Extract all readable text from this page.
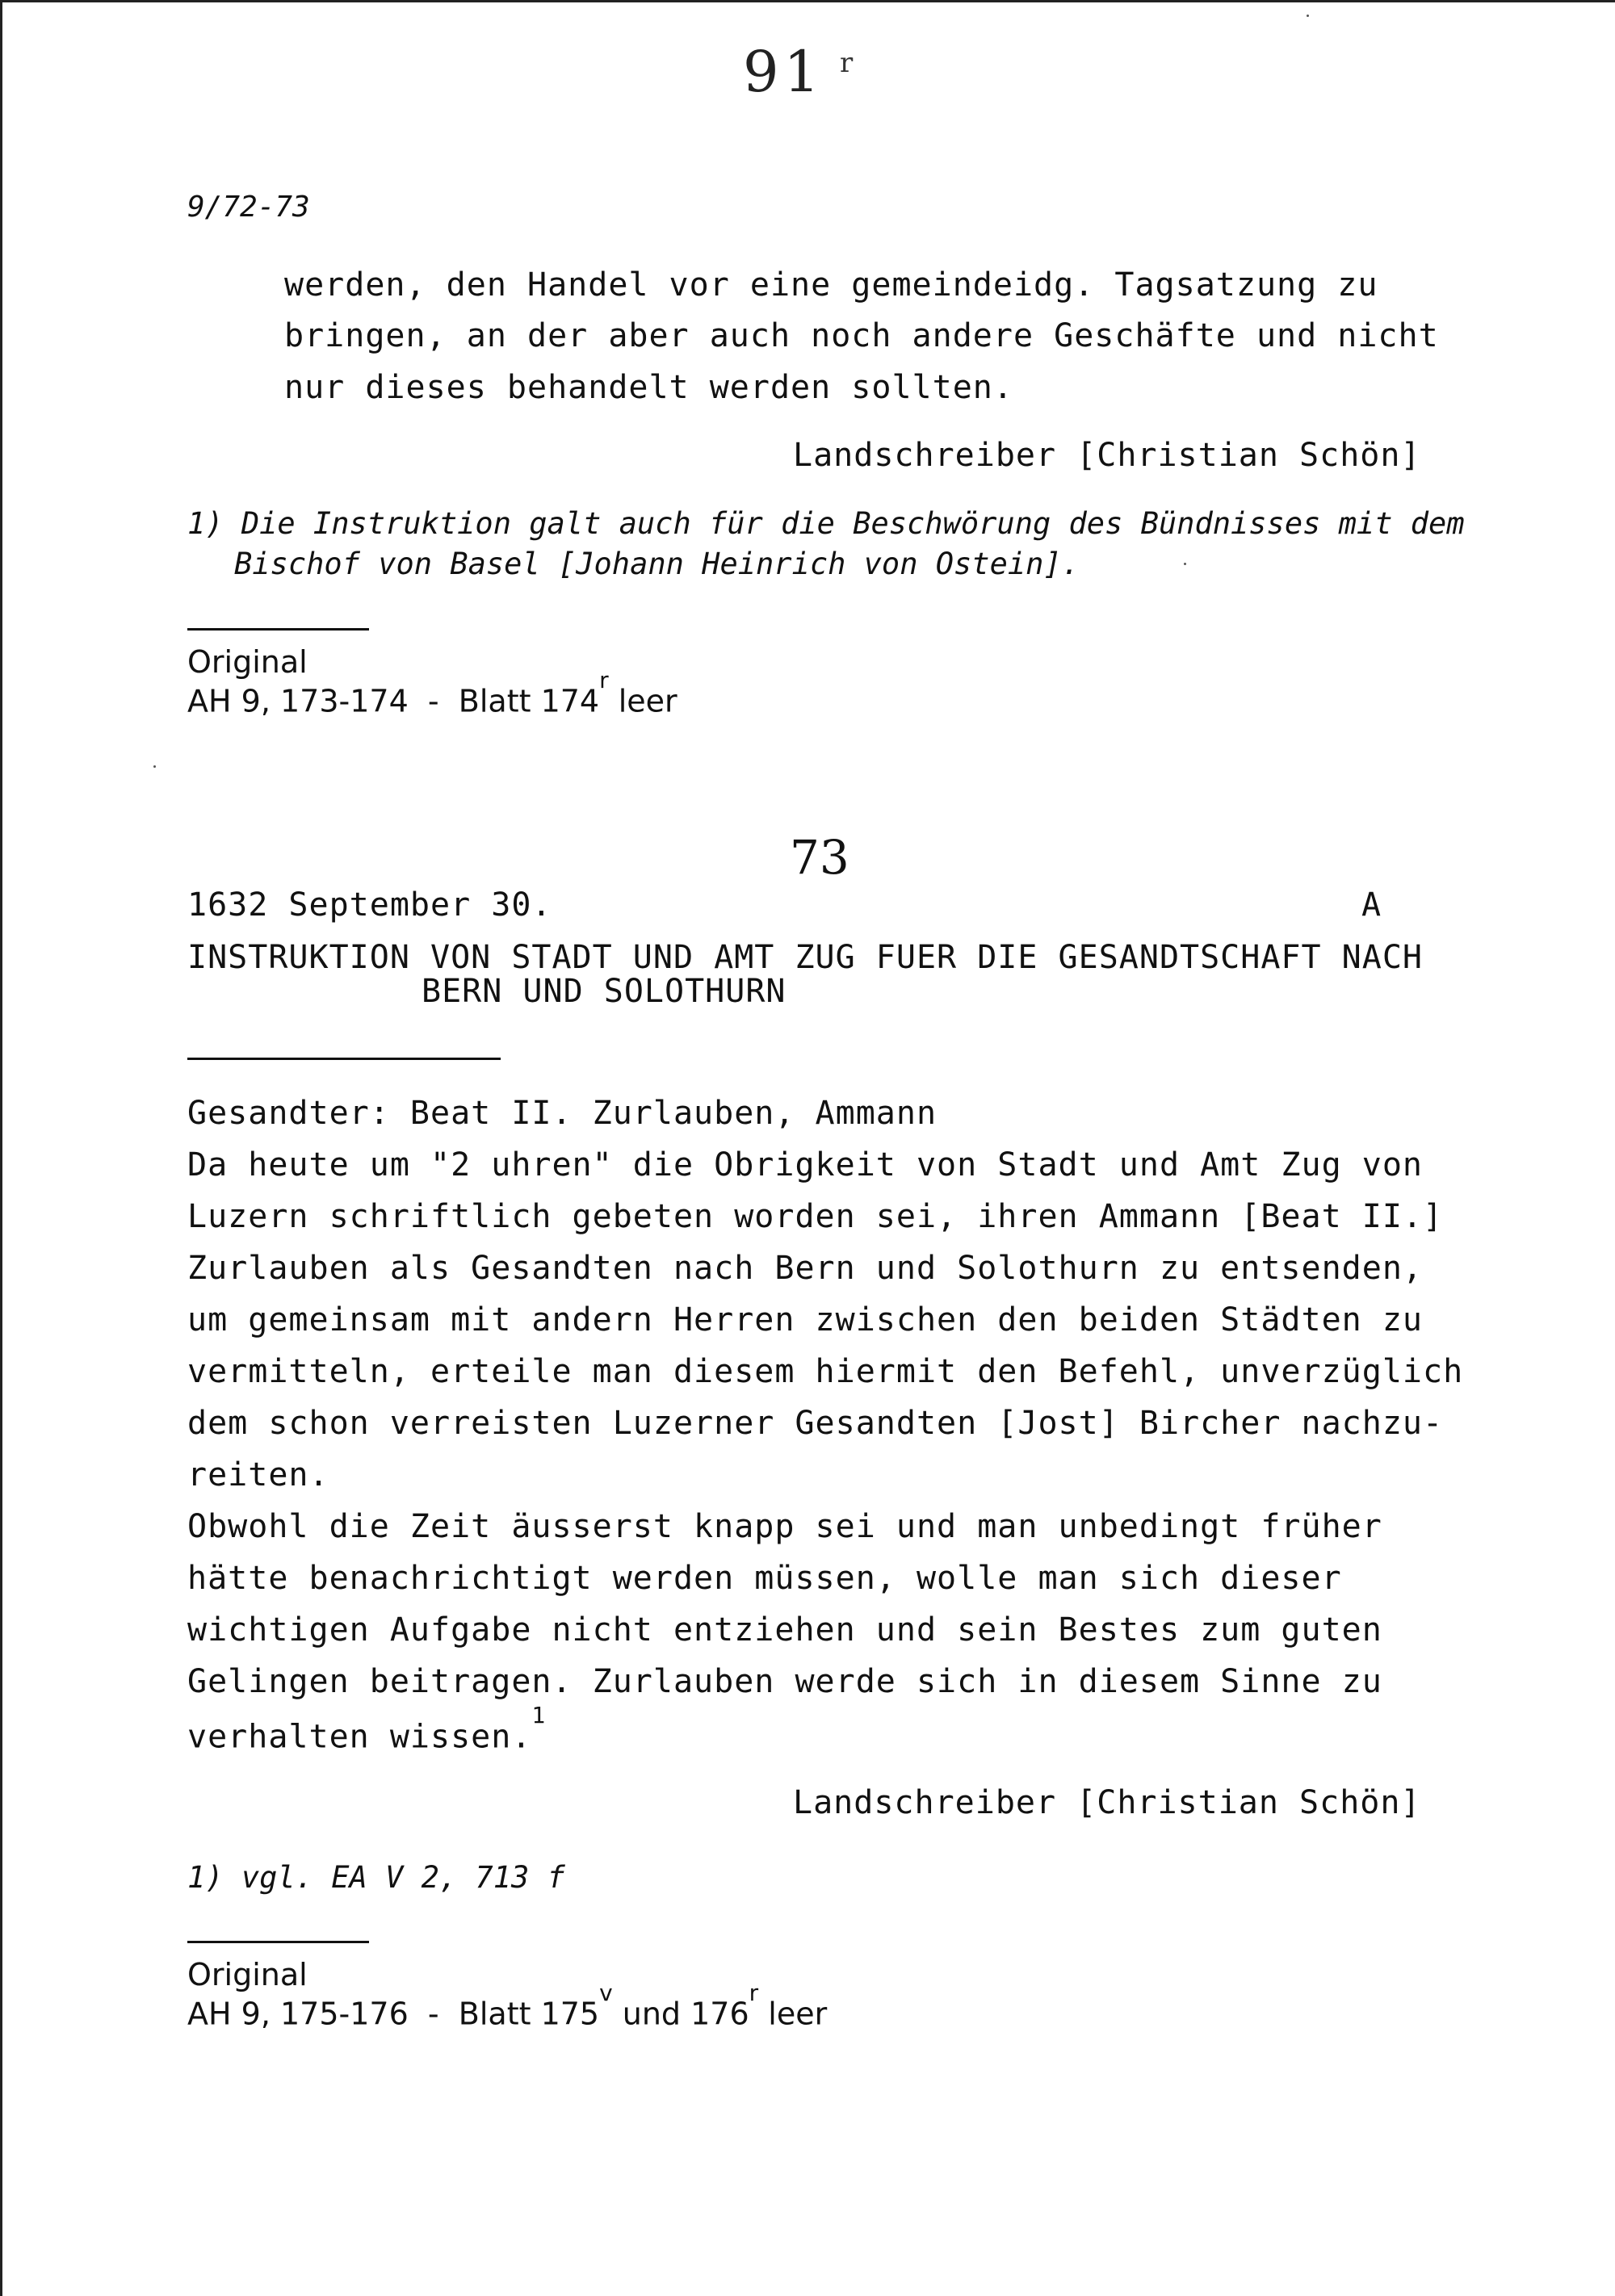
91 r
9/72-73
werden, den Handel vor eine gemeindeidg. Tagsatzung zu
bringen, an der aber auch noch andere Geschäfte und nicht
nur dieses behandelt werden sollten.
Landschreiber [Christian Schön]
1) Die Instruktion galt auch für die Beschwörung des Bündnisses mit dem
Bischof von Basel [Johann Heinrich von Ostein].
Original
AH 9, 173-174  -  Blatt 174$^r$ leer
73
1632 September 30.	A
INSTRUKTION VON STADT UND AMT ZUG FUER DIE GESANDTSCHAFT NACH
BERN UND SOLOTHURN
Gesandter: Beat II. Zurlauben, Ammann
Da heute um "2 uhren" die Obrigkeit von Stadt und Amt Zug von
Luzern schriftlich gebeten worden sei, ihren Ammann [Beat II.]
Zurlauben als Gesandten nach Bern und Solothurn zu entsenden,
um gemeinsam mit andern Herren zwischen den beiden Städten zu
vermitteln, erteile man diesem hiermit den Befehl, unverzüglich
dem schon verreisten Luzerner Gesandten [Jost] Bircher nachzu-
reiten.
Obwohl die Zeit äusserst knapp sei und man unbedingt früher
hätte benachrichtigt werden müssen, wolle man sich dieser
wichtigen Aufgabe nicht entziehen und sein Bestes zum guten
Gelingen beitragen. Zurlauben werde sich in diesem Sinne zu
verhalten wissen.$^1$
Landschreiber [Christian Schön]
1) vgl. EA V 2, 713 f
Original
AH 9, 175-176  -  Blatt 175$^v$ und 176$^r$ leer
